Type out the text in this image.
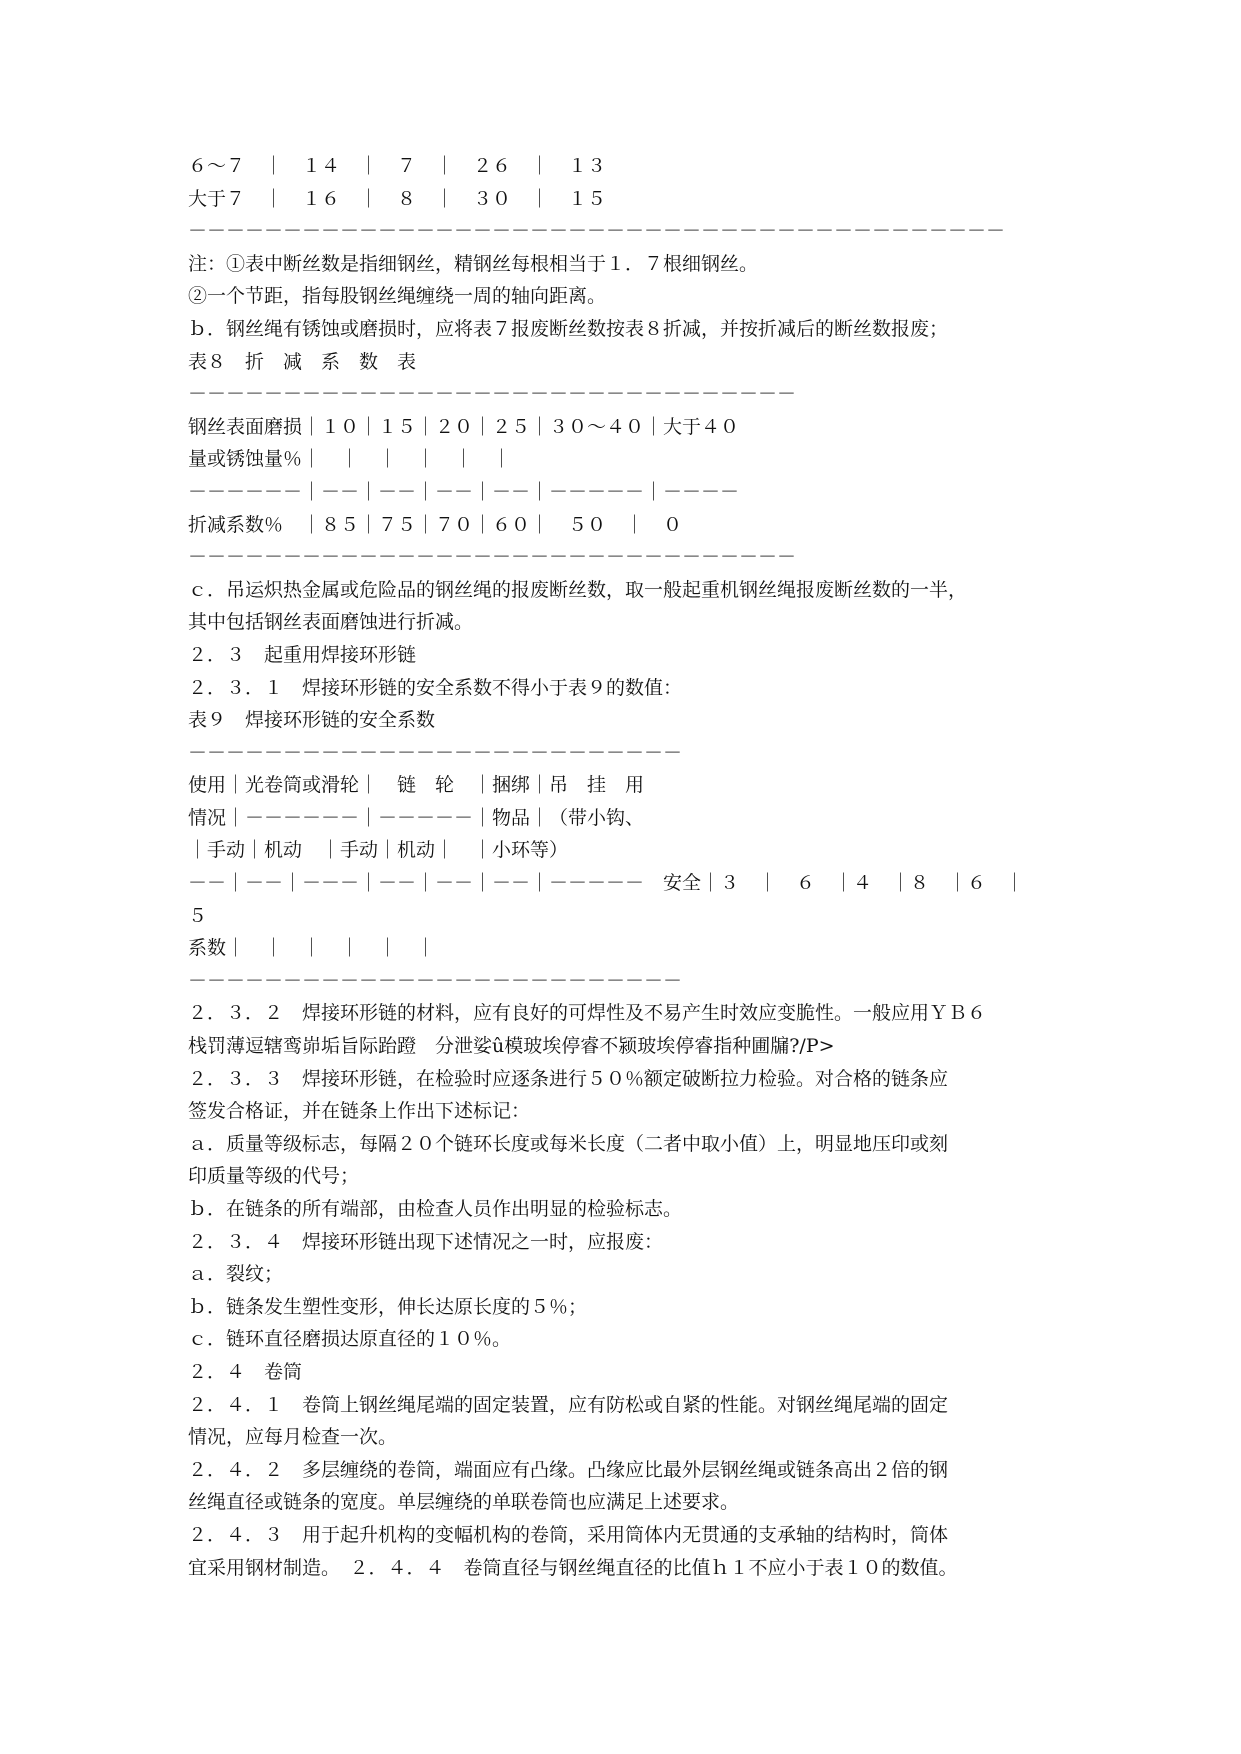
６～７　｜　１４　｜　７　｜　２６　｜　１３
大于７　｜　１６　｜　８　｜　３０　｜　１５
－－－－－－－－－－－－－－－－－－－－－－－－－－－－－－－－－－－－－－－－－－－
注：①表中断丝数是指细钢丝，精钢丝每根相当于１．７根细钢丝。
②一个节距，指每股钢丝绳缠绕一周的轴向距离。
ｂ．钢丝绳有锈蚀或磨损时，应将表７报废断丝数按表８折减，并按折减后的断丝数报废；
表８　折　减　系　数　表
－－－－－－－－－－－－－－－－－－－－－－－－－－－－－－－－
钢丝表面磨损｜１０｜１５｜２０｜２５｜３０～４０｜大于４０
量或锈蚀量％｜　｜　｜　｜　｜　｜
－－－－－－｜－－｜－－｜－－｜－－｜－－－－－｜－－－－
折减系数％　｜８５｜７５｜７０｜６０｜　５０　｜　０
－－－－－－－－－－－－－－－－－－－－－－－－－－－－－－－－
ｃ．吊运炽热金属或危险品的钢丝绳的报废断丝数，取一般起重机钢丝绳报废断丝数的一半，
其中包括钢丝表面磨蚀进行折减。
２．３　起重用焊接环形链
２．３．１　焊接环形链的安全系数不得小于表９的数值：
表９　焊接环形链的安全系数
－－－－－－－－－－－－－－－－－－－－－－－－－－
使用｜光卷筒或滑轮｜　链　轮　｜捆绑｜吊　挂　用
情况｜－－－－－－｜－－－－－｜物品｜（带小钩、
｜手动｜机动　｜手动｜机动｜　｜小环等）
－－｜－－｜－－－｜－－｜－－｜－－｜－－－－－　安全｜３　｜　６　｜４　｜８　｜６　｜
５
系数｜　｜　｜　｜　｜　｜
－－－－－－－－－－－－－－－－－－－－－－－－－－
２．３．２　焊接环形链的材料，应有良好的可焊性及不易产生时效应变脆性。一般应用ＹＢ６
栈罚薄逗辖鸾峁垢旨际跆蹬　分泄娑û模玻埃停睿不颍玻埃停睿指种圃牖?/P>
２．３．３　焊接环形链，在检验时应逐条进行５０％额定破断拉力检验。对合格的链条应
签发合格证，并在链条上作出下述标记：
ａ．质量等级标志，每隔２０个链环长度或每米长度（二者中取小值）上，明显地压印或刻
印质量等级的代号；
ｂ．在链条的所有端部，由检查人员作出明显的检验标志。
２．３．４　焊接环形链出现下述情况之一时，应报废：
ａ．裂纹；
ｂ．链条发生塑性变形，伸长达原长度的５％；
ｃ．链环直径磨损达原直径的１０％。
２．４　卷筒
２．４．１　卷筒上钢丝绳尾端的固定装置，应有防松或自紧的性能。对钢丝绳尾端的固定
情况，应每月检查一次。
２．４．２　多层缠绕的卷筒，端面应有凸缘。凸缘应比最外层钢丝绳或链条高出２倍的钢
丝绳直径或链条的宽度。单层缠绕的单联卷筒也应满足上述要求。
２．４．３　用于起升机构的变幅机构的卷筒，采用筒体内无贯通的支承轴的结构时，筒体
宜采用钢材制造。　２．４．４　卷筒直径与钢丝绳直径的比值ｈ１不应小于表１０的数值。
